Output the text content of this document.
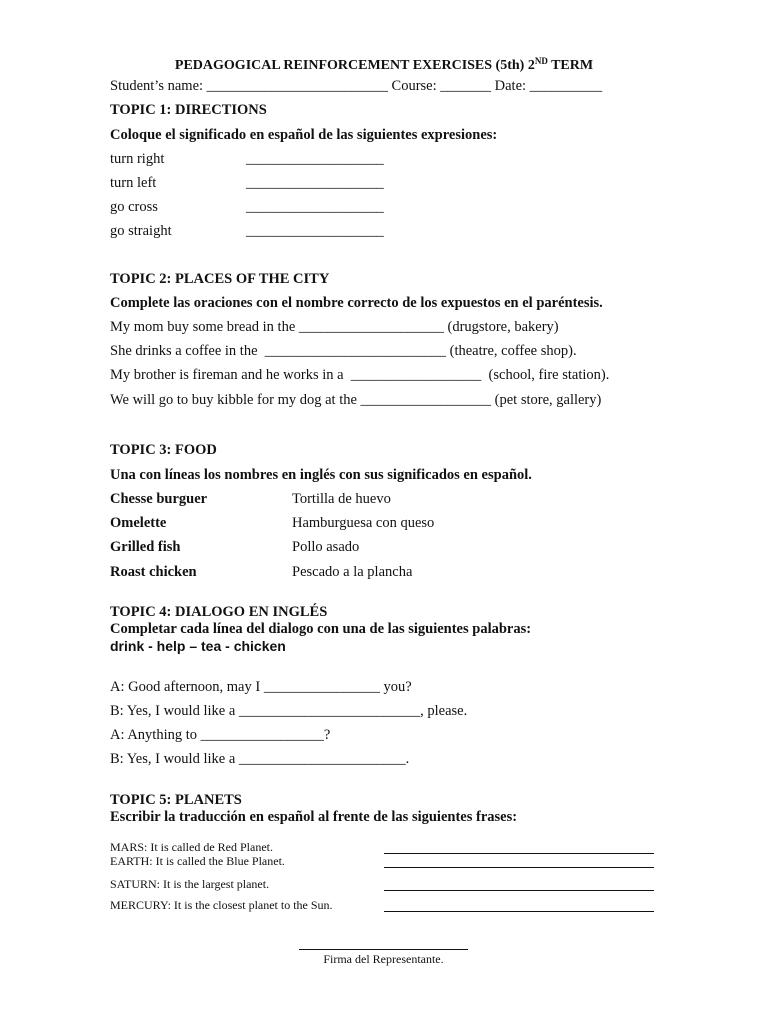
PEDAGOGICAL REINFORCEMENT EXERCISES (5th) 2ND TERM
Student’s name: _________________________ Course: _______ Date: __________
TOPIC 1: DIRECTIONS
Coloque el significado en español de las siguientes expresiones:
turn right	___________________
turn left	___________________
go cross	___________________
go straight	___________________
TOPIC 2: PLACES OF THE CITY
Complete las oraciones con el nombre correcto de los expuestos en el paréntesis.
My mom buy some bread in the ____________________ (drugstore, bakery)
She drinks a coffee in the  _________________________ (theatre, coffee shop).
My brother is fireman and he works in a  __________________  (school, fire station).
We will go to buy kibble for my dog at the __________________ (pet store, gallery)
TOPIC 3: FOOD
Una con líneas los nombres en inglés con sus significados en español.
Chesse burguer	Tortilla de huevo
Omelette	Hamburguesa con queso
Grilled fish	Pollo asado
Roast chicken	Pescado a la plancha
TOPIC 4: DIALOGO EN INGLÉS
Completar cada línea del dialogo con una de las siguientes palabras:
drink - help – tea - chicken
A: Good afternoon, may I ________________ you?
B: Yes, I would like a _________________________, please.
A: Anything to _________________?
B: Yes, I would like a _______________________.
TOPIC 5: PLANETS
Escribir la traducción en español al frente de las siguientes frases:
MARS: It is called de Red Planet.
EARTH: It is called the Blue Planet.
SATURN: It is the largest planet.
MERCURY: It is the closest planet to the Sun.
Firma del Representante.
